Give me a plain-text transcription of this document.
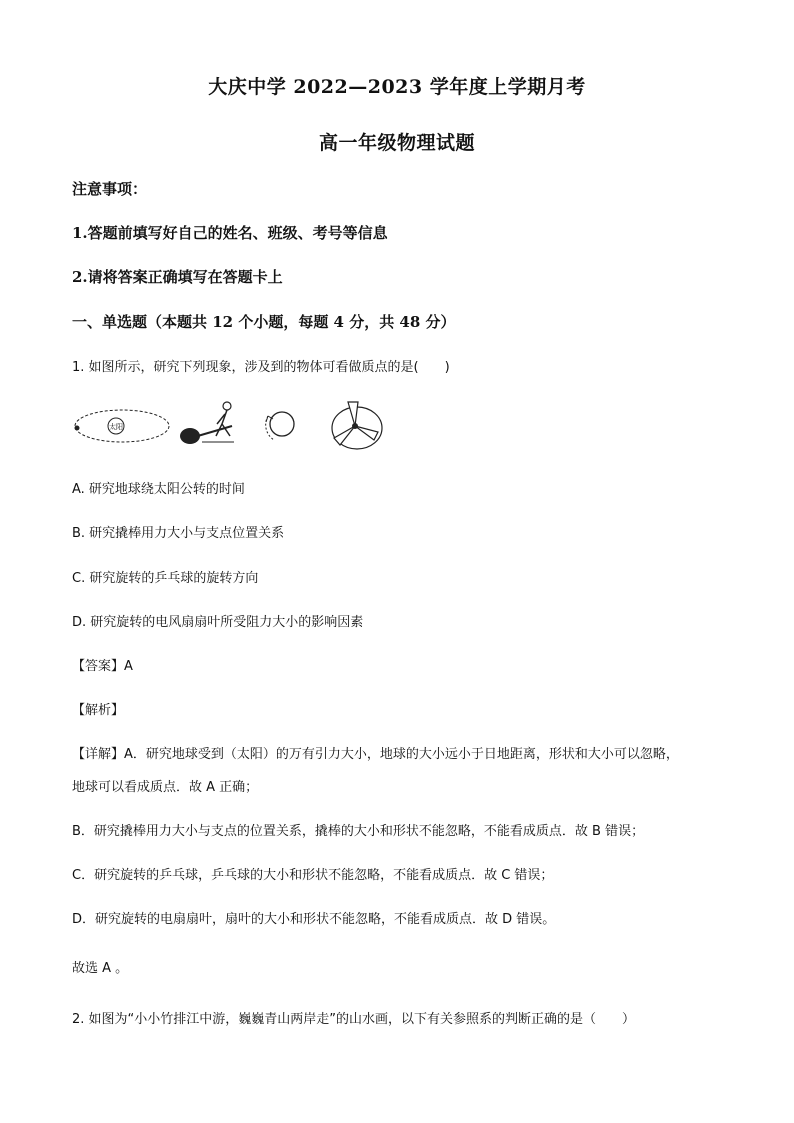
大庆中学 2022—2023 学年度上学期月考
高一年级物理试题
注意事项：
1.答题前填写好自己的姓名、班级、考号等信息
2.请将答案正确填写在答题卡上
一、单选题（本题共 12 个小题，每题 4 分，共 48 分）
1. 如图所示，研究下列现象，涉及到的物体可看做质点的是(　　)
太阳
A. 研究地球绕太阳公转的时间
B. 研究撬棒用力大小与支点位置关系
C. 研究旋转的乒乓球的旋转方向
D. 研究旋转的电风扇扇叶所受阻力大小的影响因素
【答案】A
【解析】
【详解】A．研究地球受到（太阳）的万有引力大小，地球的大小远小于日地距离，形状和大小可以忽略，
地球可以看成质点．故 A 正确；
B．研究撬棒用力大小与支点的位置关系，撬棒的大小和形状不能忽略，不能看成质点．故 B 错误；
C．研究旋转的乒乓球，乒乓球的大小和形状不能忽略，不能看成质点．故 C 错误；
D．研究旋转的电扇扇叶，扇叶的大小和形状不能忽略，不能看成质点．故 D 错误。
故选 A 。
2. 如图为“小小竹排江中游，巍巍青山两岸走”的山水画，以下有关参照系的判断正确的是（　　）
